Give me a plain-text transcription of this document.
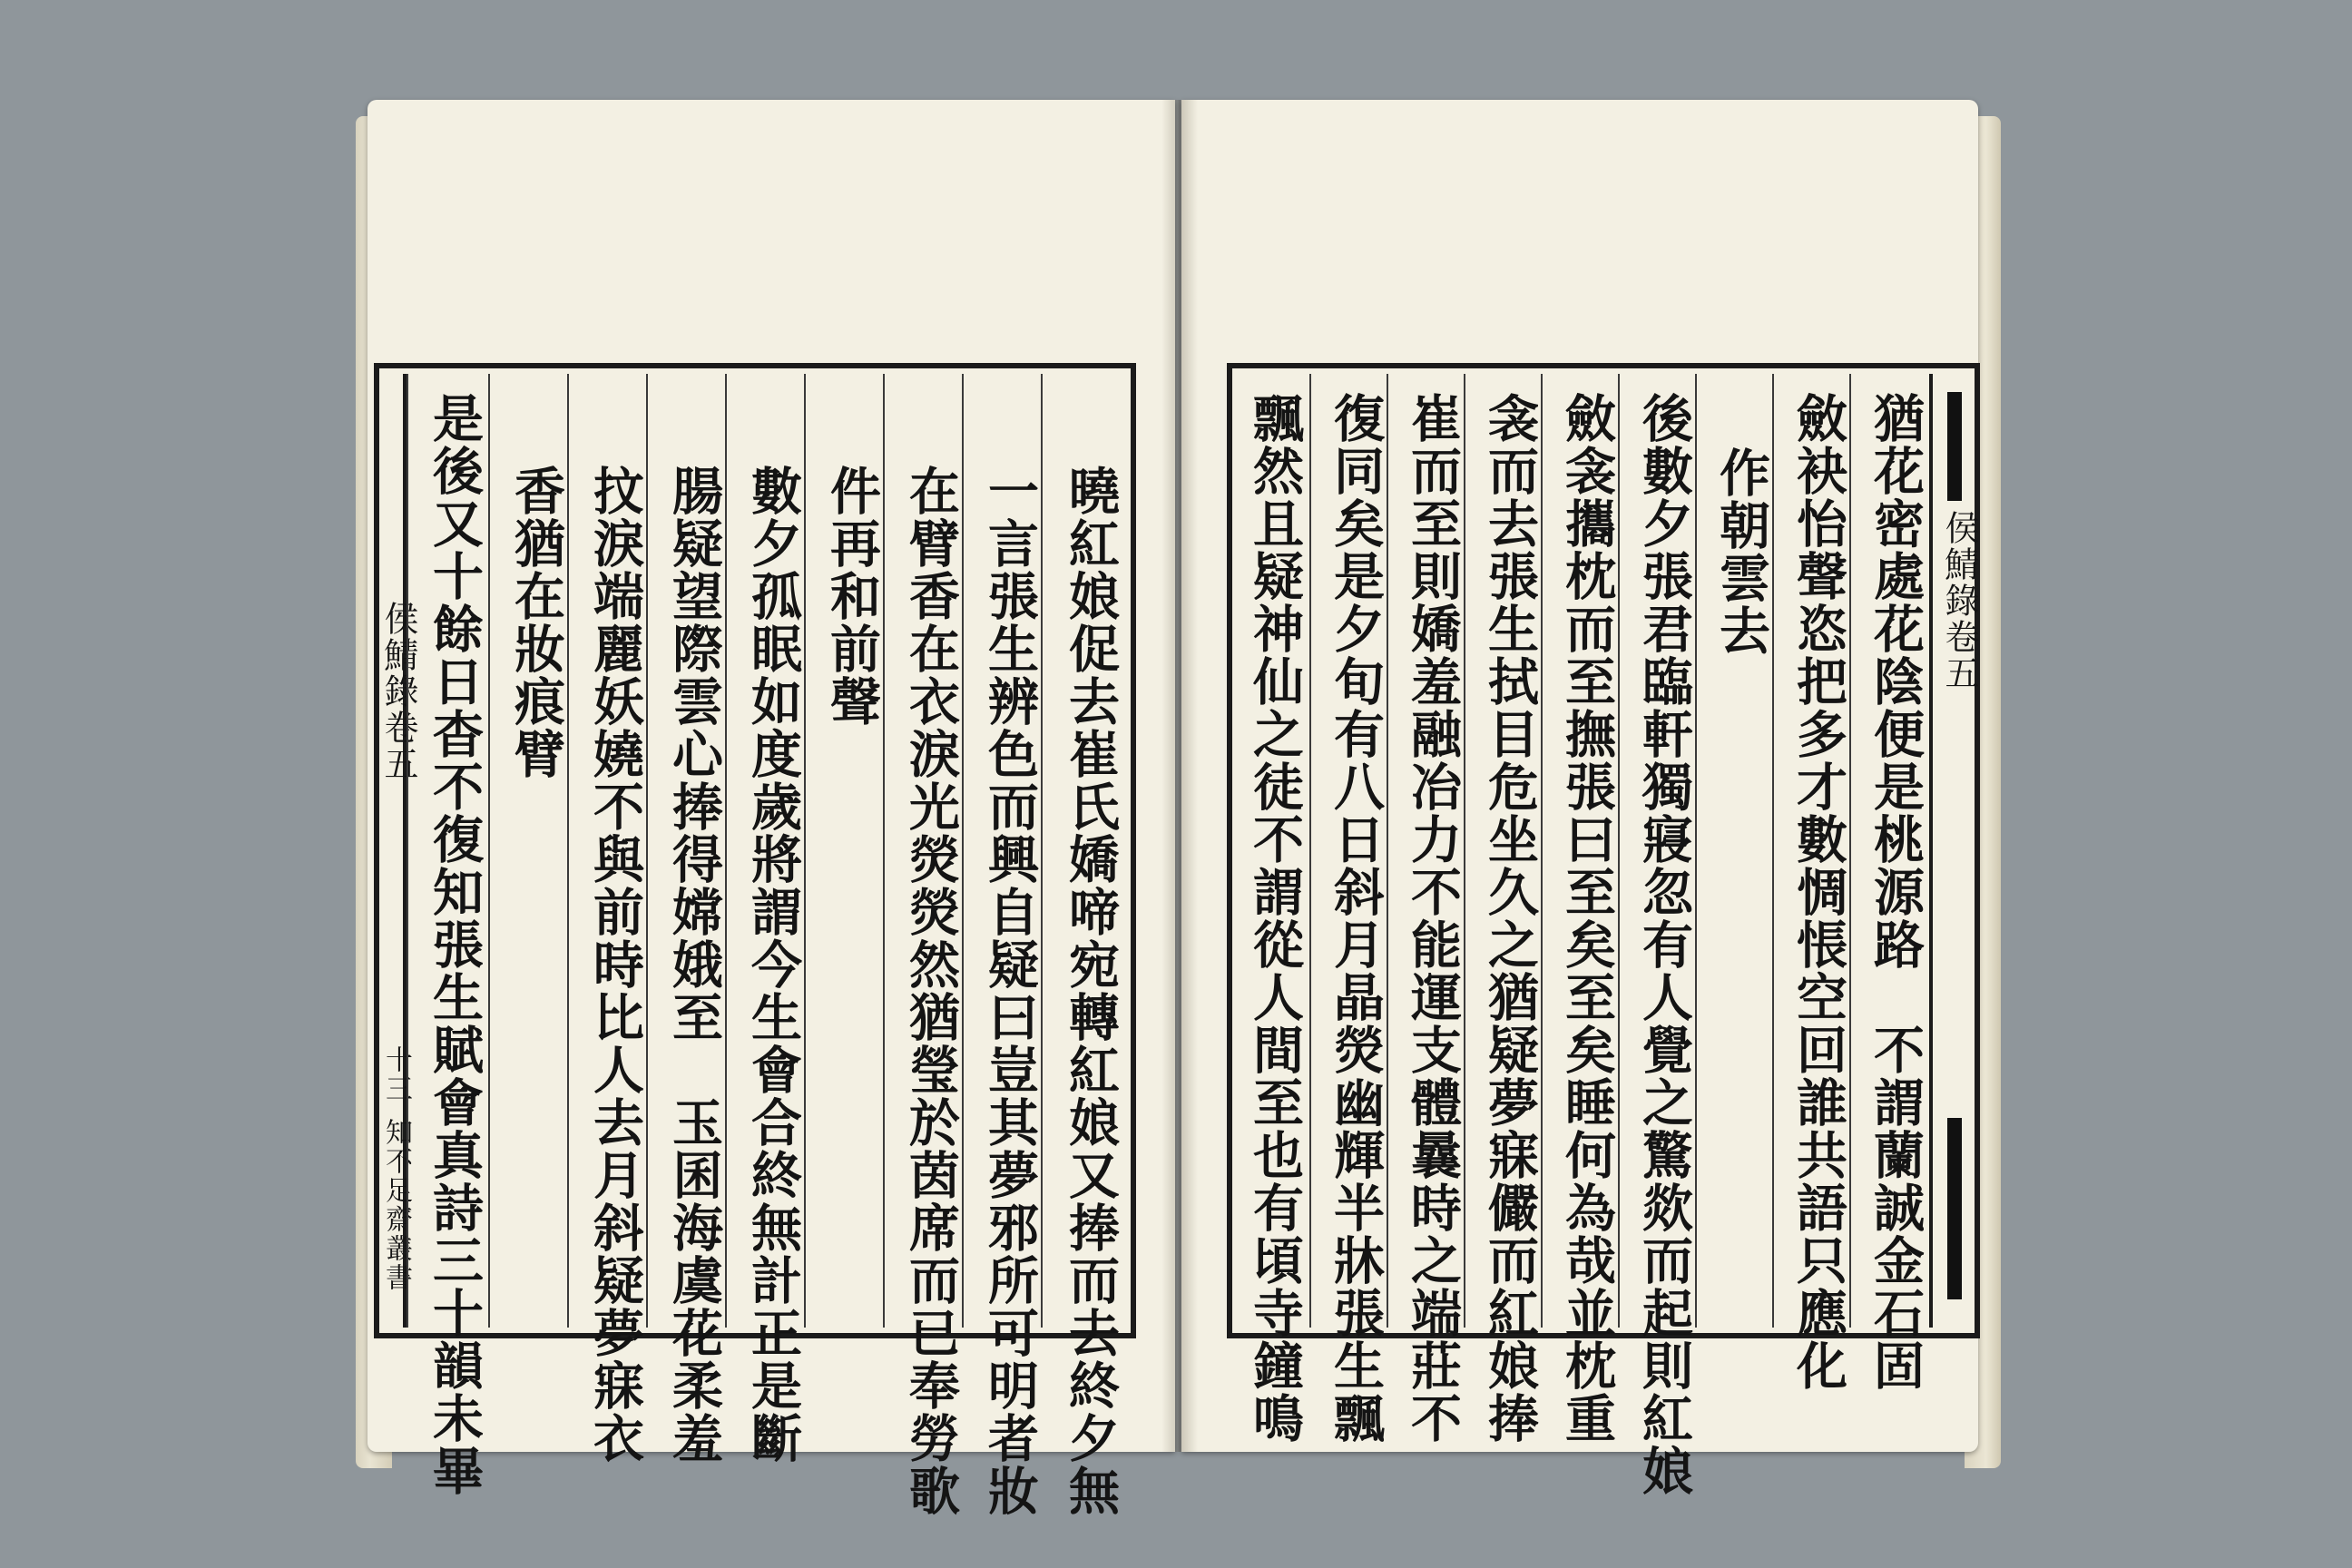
侯鯖錄卷五
十三
知不足齋叢書 是後又十餘日杳不復知張生賦會真詩三十韻未畢 香猶在妝痕臂 抆淚端麗妖嬈不與前時比人去月斜疑夢寐衣 腸疑望際雲心捧得嫦娥至　玉囷海虞花柔羞 數夕孤眠如度歲將謂今生會合終無計正是斷 件再和前聲 在臂香在衣淚光熒熒然猶瑩於茵席而已奉勞歌 一言張生辨色而興自疑曰豈其夢邪所可明者妝 曉紅娘促去崔氏嬌啼宛轉紅娘又捧而去終夕無 飄然且疑神仙之徒不謂從人間至也有頃寺鐘鳴 復同矣是夕旬有八日斜月晶熒幽輝半牀張生飄 崔而至則嬌羞融冶力不能運支體曩時之端莊不 衾而去張生拭目危坐久之猶疑夢寐儼而紅娘捧 斂衾攜枕而至撫張曰至矣至矣睡何為哉並枕重 後數夕張君臨軒獨寢忽有人覺之驚欻而起則紅娘 作朝雲去 斂袂怡聲恣把多才數惆悵空回誰共語只應化 猶花密處花陰便是桃源路　不謂蘭誠金石固 侯鯖錄卷五
